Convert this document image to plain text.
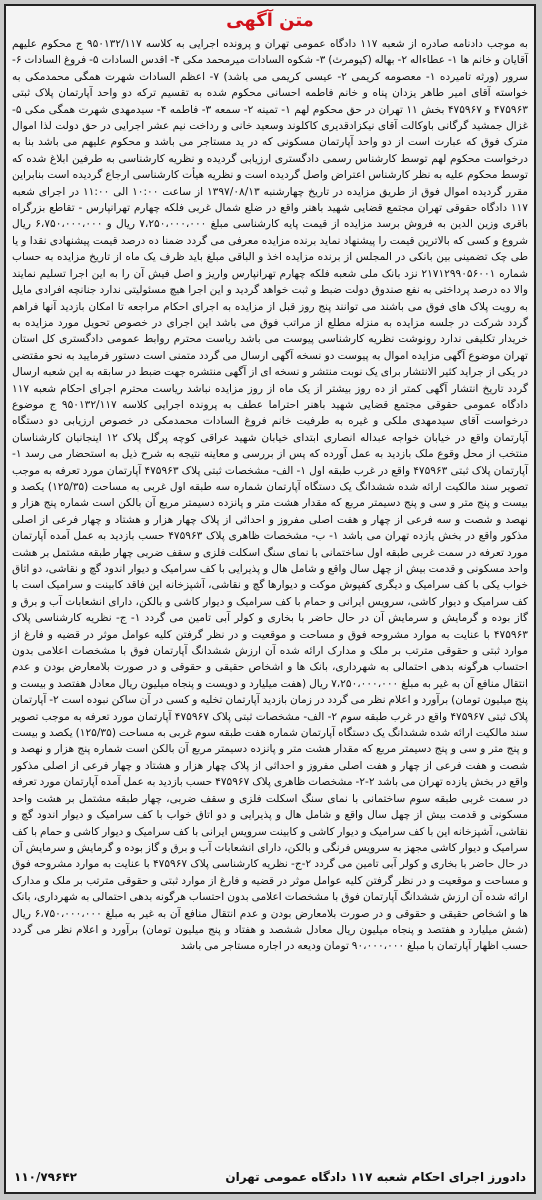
متن آگهی
به موجب دادنامه صادره از شعبه ۱۱۷ دادگاه عمومی تهران و پرونده اجرایی به کلاسه ۹۵۰۱۳۲/۱۱۷ ج محکوم علیهم آقایان و خانم ها ۱- عطاءاله ۲- بهاله (کیومرث) ۳- شکوه السادات میرمحمد مکی ۴- اقدس السادات ۵- فروغ السادات ۶- سرور (ورثه تامیرده ۱- معصومه کریمی ۲- عیسی کریمی می باشد) ۷- اعظم السادات شهرت همگی محمدمکی به خواسته آقای امیر طاهر یزدان پناه و خانم فاطمه احسانی محکوم شده به تقسیم ترکه دو واحد آپارتمان پلاک ثبتی ۴۷۵۹۶۳ و ۴۷۵۹۶۷ بخش ۱۱ تهران در حق محکوم لهم ۱- تمینه ۲- سمعه ۳- فاطمه ۴- سیدمهدی شهرت همگی مکی ۵- غزال جمشید گرگانی باوکالت آقای نیکزادقدیری کاکلوند وسعید خانی و رداخت نیم عشر اجرایی در حق دولت لذا اموال مترک فوق که عبارت است از دو واحد آپارتمان مسکونی که در ید مستاجر می باشد و محکوم علیهم می باشد بنا به درخواست محکوم لهم توسط کارشناس رسمی دادگستری ارزیابی گردیده و نظریه کارشناسی به طرفین ابلاغ شده که توسط محکوم علیه به نظر کارشناس اعتراض واصل گردیده است و نظریه هیأت کارشناسی ارجاع گردیده است بنابراین مقرر گردیده اموال فوق از طریق مزایده در تاریخ چهارشنبه ۱۳۹۷/۰۸/۱۳ از ساعت ۱۰:۰۰ الی ۱۱:۰۰ در اجرای شعبه ۱۱۷ دادگاه حقوقی تهران مجتمع قضایی شهید باهنر واقع در ضلع شمال غربی فلکه چهارم تهرانپارس - تقاطع بزرگراه باقری وزین الدین به فروش برسد مزایده از قیمت پایه کارشناسی مبلغ ۷،۲۵۰،۰۰۰،۰۰۰ ریال و ۶،۷۵۰،۰۰۰،۰۰۰ ریال شروع و کسی که بالاترین قیمت را پیشنهاد نماید برنده مزایده معرفی می گردد ضمنا ده درصد قیمت پیشنهادی نقدا و یا طی چک تضمینی بین بانکی در المجلس از برنده مزایده اخذ و الباقی مبلغ باید ظرف یک ماه از تاریخ مزایده به حساب شماره ۲۱۷۱۲۹۹۰۵۶۰۰۱ نزد بانک ملی شعبه فلکه چهارم تهرانپارس واریز و اصل فیش آن را به این اجرا تسلیم نمایند والا ده درصد پرداختی به نفع صندوق دولت ضبط و ثبت خواهد گردید و این اجرا هیچ مسئولیتی ندارد جنانچه افرادی مایل به رویت پلاک های فوق می باشند می توانند پنج روز قبل از مزایده به اجرای احکام مراجعه تا امکان بازدید آنها فراهم گردد شرکت در جلسه مزایده به منزله مطلع از مراتب فوق می باشد این اجرای در خصوص تحویل مورد مزایده به خریدار تکلیفی ندارد رونوشت نظریه کارشناسی پیوست می باشد ریاست محترم روابط عمومی دادگستری کل استان تهران موضوع آگهی مزایده اموال به پیوست دو نسخه آگهی ارسال می گردد متمنی است دستور فرمایید به نحو مقتضی در یکی از جراید کثیر الانتشار برای یک نوبت منتشر و نسخه ای از آگهی منتشره جهت ضبط در سابقه به این شعبه ارسال گردد تاریخ انتشار آگهی کمتر از ده روز بیشتر از یک ماه از روز مزایده نباشد ریاست محترم اجرای احکام شعبه ۱۱۷ دادگاه عمومی حقوقی مجتمع قضایی شهید باهنر احتراما عطف به پرونده اجرایی کلاسه ۹۵۰۱۳۲/۱۱۷ ج موضوع درخواست آقای سیدمهدی ملکی و غیره به طرفیت خانم فروغ السادات محمدمکی در خصوص ارزیابی دو دستگاه آپارتمان واقع در خیابان خواجه عبداله انصاری ابتدای خیابان شهید عراقی کوچه پرگل پلاک ۱۲ اینجانبان کارشناسان منتخب از محل وقوع ملک بازدید به عمل آورده که پس از بررسی و معاینه نتیجه به شرح ذیل به استحضار می رسد ۱- آپارتمان پلاک ثبتی ۴۷۵۹۶۳ واقع در غرب طبقه اول ۱- الف- مشخصات ثبتی پلاک ۴۷۵۹۶۳ آپارتمان مورد تعرفه به موجب تصویر سند مالکیت ارائه شده ششدانگ یک دستگاه آپارتمان شماره سه طبقه اول غربی به مساحت (۱۲۵/۳۵) یکصد و بیست و پنج متر و سی و پنج دسیمتر مربع که مقدار هشت متر و پانزده دسیمتر مربع آن بالکن است شماره پنج هزار و نهصد و شصت و سه فرعی از چهار و هفت اصلی مفروز و احداثی از پلاک چهار هزار و هشتاد و چهار فرعی از اصلی مذکور واقع در بخش یازده تهران می باشد ۱- ب- مشخصات ظاهری پلاک ۴۷۵۹۶۳ حسب بازدید به عمل آمده آپارتمان مورد تعرفه در سمت غربی طبقه اول ساختمانی با نمای سنگ اسکلت فلزی و سقف ضربی چهار طبقه مشتمل بر هشت واحد مسکونی و قدمت بیش از چهل سال واقع و شامل هال و پذیرایی با کف سرامیک و دیوار اندود گچ و نقاشی، دو اتاق خواب یکی با کف سرامیک و دیگری کفپوش موکت و دیوارها گچ و نقاشی، آشپزخانه این فاقد کابینت و سرامیک است با کف سرامیک و دیوار کاشی، سرویس ایرانی و حمام با کف سرامیک و دیوار کاشی و بالکن، دارای انشعابات آب و برق و گاز بوده و گرمایش و سرمایش آن در حال حاضر با بخاری و کولر آبی تامین می گردد ۱- ج- نظریه کارشناسی پلاک ۴۷۵۹۶۳ با عنایت به موارد مشروحه فوق و مساحت و موقعیت و در نظر گرفتن کلیه عوامل موثر در قضیه و فارغ از موارد ثبتی و حقوقی مترتب بر ملک و مدارک ارائه شده آن ارزش ششدانگ آپارتمان فوق با مشخصات اعلامی بدون احتساب هرگونه بدهی احتمالی به شهرداری، بانک ها و اشخاص حقیقی و حقوقی و در صورت بلامعارض بودن و عدم انتقال منافع آن به غیر به مبلغ ۷،۲۵۰،۰۰۰،۰۰۰ ریال (هفت میلیارد و دویست و پنجاه میلیون ریال معادل هفتصد و بیست و پنج میلیون تومان) برآورد و اعلام نظر می گردد در زمان بازدید آپارتمان تخلیه و کسی در آن ساکن نبوده است ۲- آپارتمان پلاک ثبتی ۴۷۵۹۶۷ واقع در غرب طبقه سوم ۲- الف- مشخصات ثبتی پلاک ۴۷۵۹۶۷ آپارتمان مورد تعرفه به موجب تصویر سند مالکیت ارائه شده ششدانگ یک دستگاه آپارتمان شماره هفت طبقه سوم غربی به مساحت (۱۲۵/۳۵) یکصد و بیست و پنج متر و سی و پنج دسیمتر مربع که مقدار هشت متر و پانزده دسیمتر مربع آن بالکن است شماره پنج هزار و نهصد و شصت و هفت فرعی از چهار و هفت اصلی مفروز و احداثی از پلاک چهار هزار و هشتاد و چهار فرعی از اصلی مذکور واقع در بخش یازده تهران می باشد ۲-۲- مشخصات ظاهری پلاک ۴۷۵۹۶۷ حسب بازدید به عمل آمده آپارتمان مورد تعرفه در سمت غربی طبقه سوم ساختمانی با نمای سنگ اسکلت فلزی و سقف ضربی، چهار طبقه مشتمل بر هشت واحد مسکونی و قدمت بیش از چهل سال واقع و شامل هال و پذیرایی و دو اتاق خواب با کف سرامیک و دیوار اندود گچ و نقاشی، آشپزخانه این با کف سرامیک و دیوار کاشی و کابینت سرویس ایرانی با کف سرامیک و دیوار کاشی و حمام با کف سرامیک و دیوار کاشی مجهز به سرویس فرنگی و بالکن، دارای انشعابات آب و برق و گاز بوده و گرمایش و سرمایش آن در حال حاضر با بخاری و کولر آبی تامین می گردد ۲-ج- نظریه کارشناسی پلاک ۴۷۵۹۶۷ با عنایت به موارد مشروحه فوق و مساحت و موقعیت و در نظر گرفتن کلیه عوامل موثر در قضیه و فارغ از موارد ثبتی و حقوقی مترتب بر ملک و مدارک ارائه شده آن ارزش ششدانگ آپارتمان فوق با مشخصات اعلامی بدون احتساب هرگونه بدهی احتمالی به شهرداری، بانک ها و اشخاص حقیقی و حقوقی و در صورت بلامعارض بودن و عدم انتقال منافع آن به غیر به مبلغ ۶،۷۵۰،۰۰۰،۰۰۰ ریال (شش میلیارد و هفتصد و پنجاه میلیون ریال معادل ششصد و هفتاد و پنج میلیون تومان) برآورد و اعلام نظر می گردد حسب اظهار آپارتمان با مبلغ ۹۰،۰۰۰،۰۰۰ تومان ودیعه در اجاره مستاجر می باشد
دادورز اجرای احکام شعبه ۱۱۷ دادگاه عمومی تهران
۱۱۰/۷۹۶۴۲
